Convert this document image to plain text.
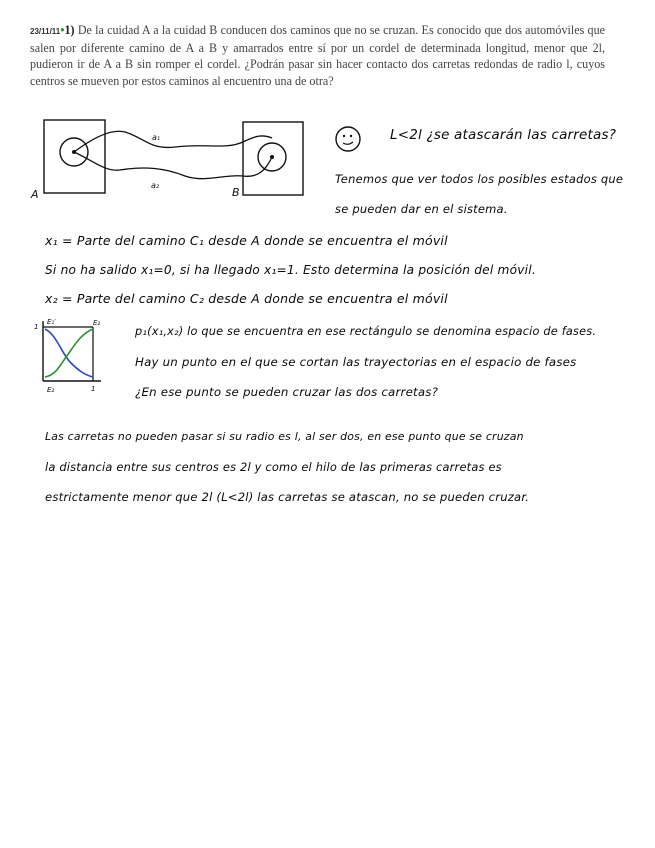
23/11/11•1) De la cuidad A a la cuidad B conducen dos caminos que no se cruzan. Es conocido que dos automóviles que salen por diferente camino de A a B y amarrados entre sí por un cordel de determinada longitud, menor que 2l, pudieron ir de A a B sin romper el cordel. ¿Podrán pasar sin hacer contacto dos carretas redondas de radio l, cuyos centros se mueven por estos caminos al encuentro una de otra?
A	B
a₁
a₂
L<2l ¿se atascarán las carretas?
Tenemos que ver todos los posibles estados que
se pueden dar en el sistema.
x₁ = Parte del camino C₁ desde A donde se encuentra el móvil
Si no ha salido x₁=0, si ha llegado x₁=1. Esto determina la posición del móvil.
x₂ = Parte del camino C₂ desde A donde se encuentra el móvil
1
E₁′	E₂
E₂	1
p₁(x₁,x₂) lo que se encuentra en ese rectángulo se denomina espacio de fases.
Hay un punto en el que se cortan las trayectorias en el espacio de fases
¿En ese punto se pueden cruzar las dos carretas?
Las carretas no pueden pasar si su radio es l, al ser dos, en ese punto que se cruzan
la distancia entre sus centros es 2l y como el hilo de las primeras carretas es
estrictamente menor que 2l (L<2l) las carretas se atascan, no se pueden cruzar.
